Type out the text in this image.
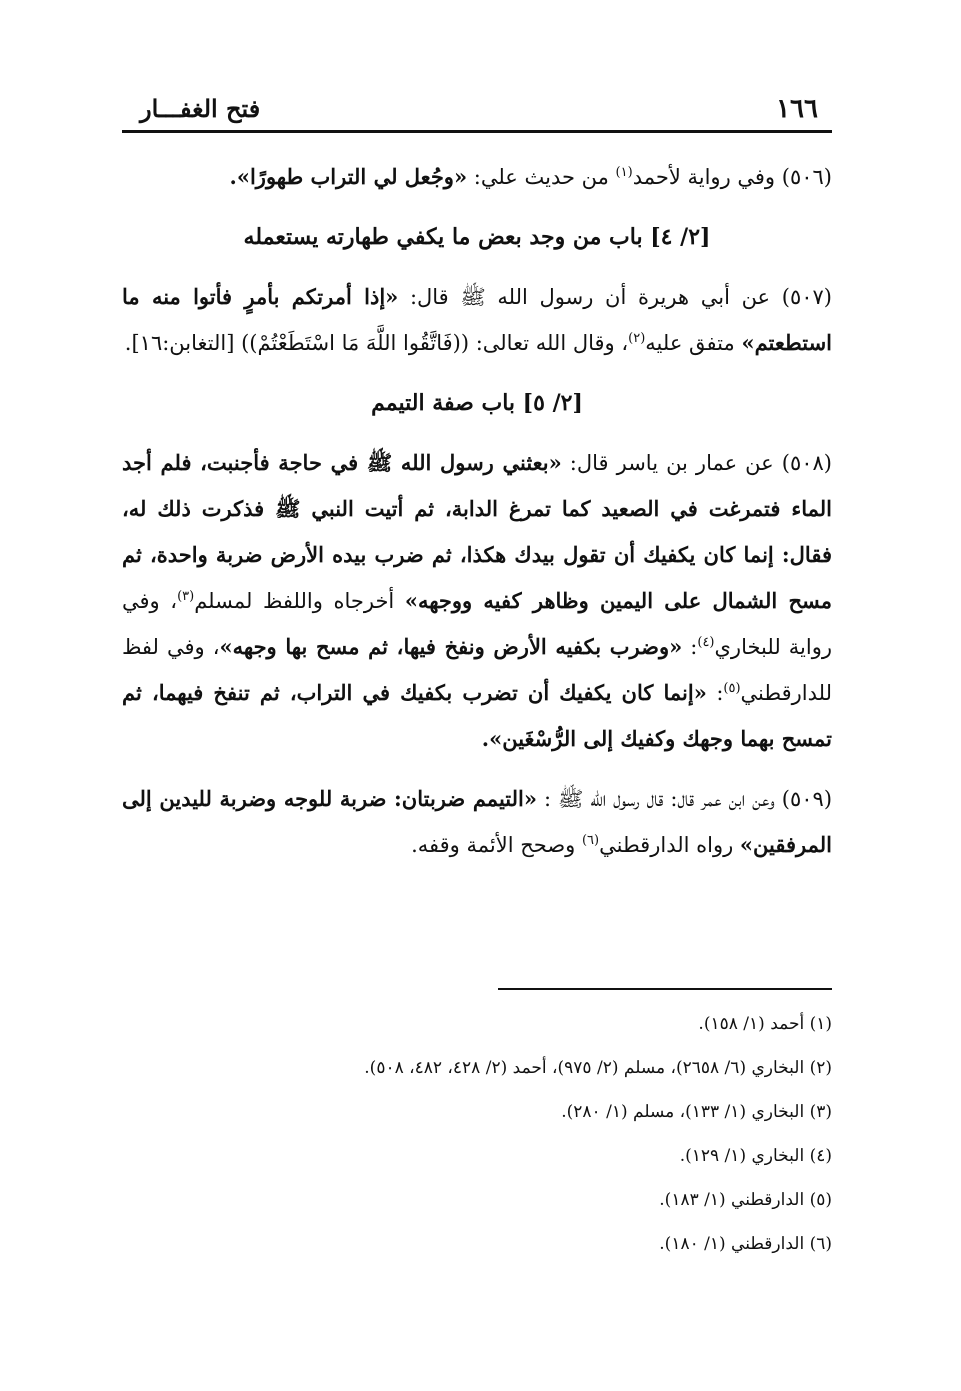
١٦٦
فتح الغفـــار

(٥٠٦) وفي رواية لأحمد$^{(١)}$ من حديث علي: «وجُعل لي التراب طهورًا».

[٢/ ٤] باب من وجد بعض ما يكفي طهارته يستعمله

(٥٠٧) عن أبي هريرة أن رسول الله ﷺ قال: «إذا أمرتكم بأمرٍ فأتوا منه ما استطعتم» متفق عليه$^{(٢)}$، وقال الله تعالى: ((فَاتَّقُوا اللَّهَ مَا اسْتَطَعْتُمْ)) [التغابن:١٦].

[٢/ ٥] باب صفة التيمم

(٥٠٨) عن عمار بن ياسر قال: «بعثني رسول الله ﷺ في حاجة فأجنبت، فلم أجد الماء فتمرغت في الصعيد كما تمرغ الدابة، ثم أتيت النبي ﷺ فذكرت ذلك له، فقال: إنما كان يكفيك أن تقول بيدك هكذا، ثم ضرب بيده الأرض ضربة واحدة، ثم مسح الشمال على اليمين وظاهر كفيه ووجهه» أخرجاه واللفظ لمسلم$^{(٣)}$، وفي رواية للبخاري$^{(٤)}$: «وضرب بكفيه الأرض ونفخ فيها، ثم مسح بها وجهه»، وفي لفظ للدارقطني$^{(٥)}$: «إنما كان يكفيك أن تضرب بكفيك في التراب، ثم تنفخ فيهما، ثم تمسح بهما وجهك وكفيك إلى الرُّسْغَين».

(٥٠٩) وعن ابن عمر قال: قال رسول الله ﷺ : «التيمم ضربتان: ضربة للوجه وضربة لليدين إلى المرفقين» رواه الدارقطني$^{(٦)}$ وصحح الأئمة وقفه.

(١) أحمد (١/ ١٥٨).

(٢) البخاري (٦/ ٢٦٥٨)، مسلم (٢/ ٩٧٥)، أحمد (٢/ ٤٢٨، ٤٨٢، ٥٠٨).

(٣) البخاري (١/ ١٣٣)، مسلم (١/ ٢٨٠).

(٤) البخاري (١/ ١٢٩).

(٥) الدارقطني (١/ ١٨٣).

(٦) الدارقطني (١/ ١٨٠).
